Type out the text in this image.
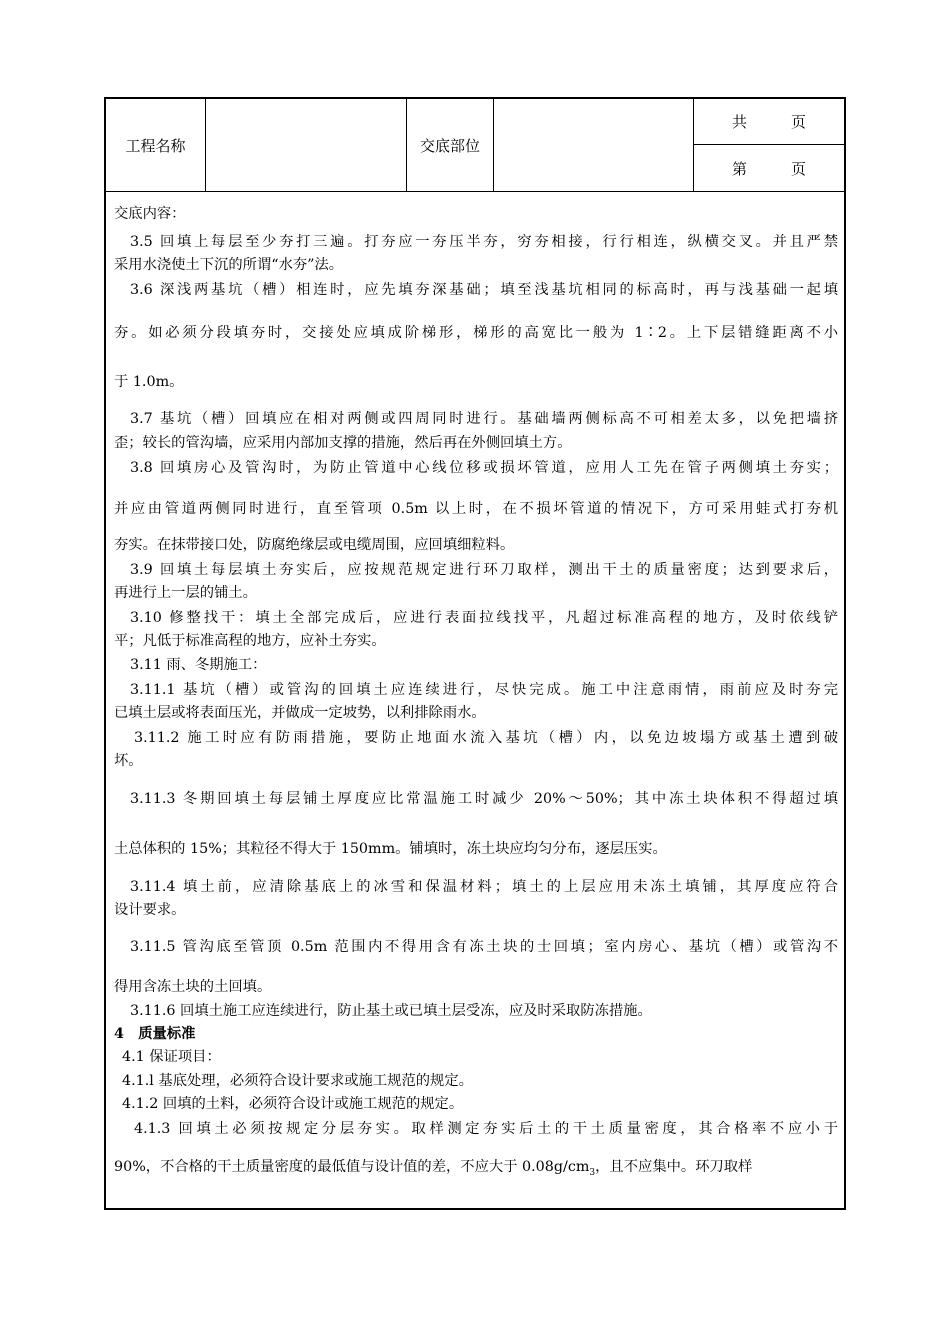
工程名称	交底部位
共	页
第	页
交底内容：
3.5 回填上每层至少夯打三遍。打夯应一夯压半夯，穷夯相接，行行相连，纵横交叉。并且严禁
采用水浇使土下沉的所谓“水夯”法。
3.6 深浅两基坑（槽）相连时，应先填夯深基础；填至浅基坑相同的标高时，再与浅基础一起填
夯。如必须分段填夯时，交接处应填成阶梯形，梯形的高宽比一般为 1∶2。上下层错缝距离不小
于 1.0m。
3.7 基坑（槽）回填应在相对两侧或四周同时进行。基础墙两侧标高不可相差太多，以免把墙挤
歪；较长的管沟墙，应采用内部加支撑的措施，然后再在外侧回填土方。
3.8 回填房心及管沟时，为防止管道中心线位移或损坏管道，应用人工先在管子两侧填土夯实；
并应由管道两侧同时进行，直至管项 0.5m 以上时，在不损坏管道的情况下，方可采用蛙式打夯机
夯实。在抹带接口处，防腐绝缘层或电缆周围，应回填细粒料。
3.9 回填土每层填土夯实后，应按规范规定进行环刀取样，测出干土的质量密度；达到要求后，
再进行上一层的铺土。
3.10 修整找干：填土全部完成后，应进行表面拉线找平，凡超过标准高程的地方，及时依线铲
平；凡低于标准高程的地方，应补土夯实。
3.11 雨、冬期施工：
3.11.1 基坑（槽）或管沟的回填土应连续进行，尽快完成。施工中注意雨情，雨前应及时夯完
已填土层或将表面压光，并做成一定坡势，以利排除雨水。
3.11.2 施工时应有防雨措施，要防止地面水流入基坑（槽）内，以免边坡塌方或基土遭到破
坏。
3.11.3 冬期回填土每层铺土厚度应比常温施工时减少 20%～50%；其中冻土块体积不得超过填
土总体积的 15%；其粒径不得大于 150mm。铺填时，冻土块应均匀分布，逐层压实。
3.11.4 填土前，应清除基底上的冰雪和保温材料；填土的上层应用未冻土填铺，其厚度应符合
设计要求。
3.11.5 管沟底至管顶 0.5m 范围内不得用含有冻土块的士回填；室内房心、基坑（槽）或管沟不
得用含冻土块的土回填。
3.11.6 回填土施工应连续进行，防止基土或已填土层受冻，应及时采取防冻措施。
4　质量标准
4.1 保证项目：
4.1.l 基底处理，必须符合设计要求或施工规范的规定。
4.1.2 回填的土料，必须符合设计或施工规范的规定。
4.1.3 回填土必须按规定分层夯实。取样测定夯实后土的干土质量密度，其合格率不应小于
90%，不合格的干土质量密度的最低值与设计值的差，不应大于 $0.08g/cm_3$，且不应集中。环刀取样
